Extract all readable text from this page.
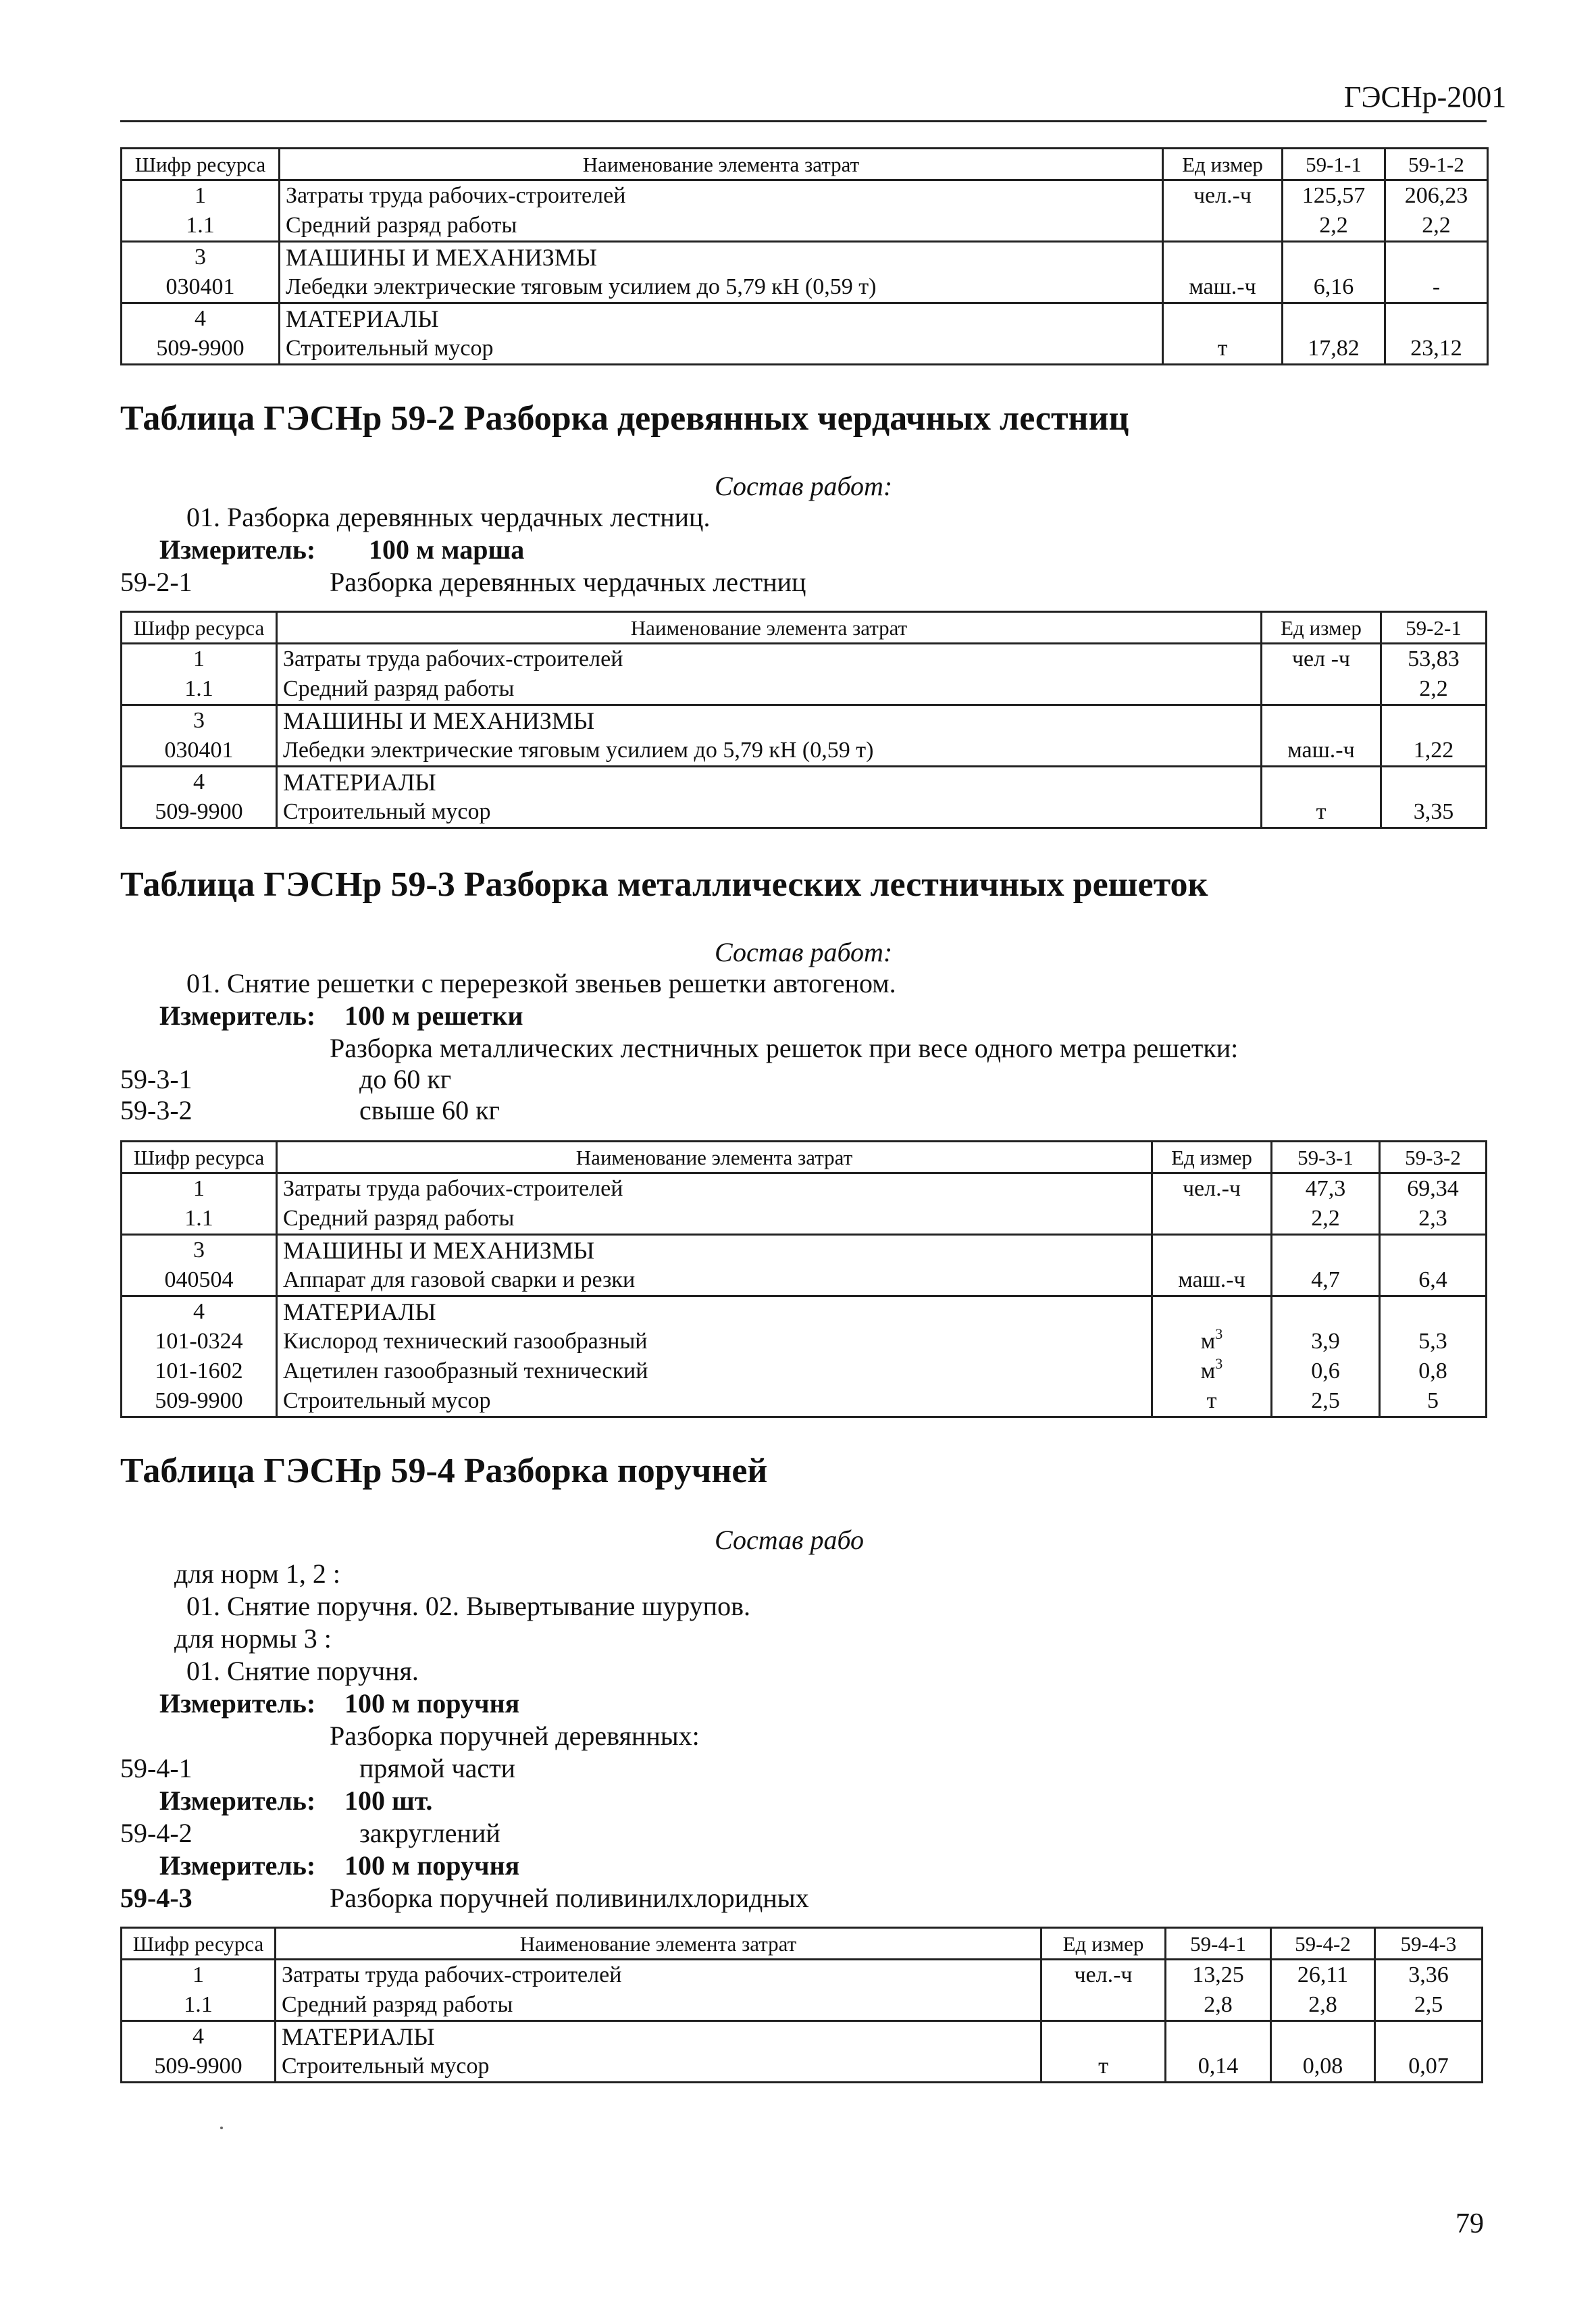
ГЭСНр-2001
Шифр ресурса	Наименование элемента затрат	Ед измер	59-1-1	59-1-2
1	Затраты труда рабочих-строителей	чел.-ч	125,57	206,23
1.1	Средний разряд работы		2,2	2,2
3	МАШИНЫ И МЕХАНИЗМЫ			
030401	Лебедки электрические тяговым усилием до 5,79 кН (0,59 т)	маш.-ч	6,16	-
4	МАТЕРИАЛЫ			
509-9900	Строительный мусор	т	17,82	23,12
Таблица ГЭСНр 59-2 Разборка деревянных чердачных лестниц
Состав работ:
01. Разборка деревянных чердачных лестниц.
Измеритель: 100 м марша
59-2-1	Разборка деревянных чердачных лестниц
Шифр ресурса	Наименование элемента затрат	Ед измер	59-2-1
1	Затраты труда рабочих-строителей	чел -ч	53,83
1.1	Средний разряд работы		2,2
3	МАШИНЫ И МЕХАНИЗМЫ		
030401	Лебедки электрические тяговым усилием до 5,79 кН (0,59 т)	маш.-ч	1,22
4	МАТЕРИАЛЫ		
509-9900	Строительный мусор	т	3,35
Таблица ГЭСНр 59-3 Разборка металлических лестничных решеток
Состав работ:
01. Снятие решетки с перерезкой звеньев решетки автогеном.
Измеритель: 100 м решетки
Разборка металлических лестничных решеток при весе одного метра решетки:
59-3-1	до 60 кг
59-3-2	свыше 60 кг
Шифр ресурса	Наименование элемента затрат	Ед измер	59-3-1	59-3-2
1	Затраты труда рабочих-строителей	чел.-ч	47,3	69,34
1.1	Средний разряд работы		2,2	2,3
3	МАШИНЫ И МЕХАНИЗМЫ			
040504	Аппарат для газовой сварки и резки	маш.-ч	4,7	6,4
4	МАТЕРИАЛЫ			
101-0324	Кислород технический газообразный	$м^3$	3,9	5,3
101-1602	Ацетилен газообразный технический	$м^3$	0,6	0,8
509-9900	Строительный мусор	т	2,5	5
Таблица ГЭСНр 59-4 Разборка поручней
Состав рабо
для норм 1, 2 :
01. Снятие поручня. 02. Вывертывание шурупов.
для нормы 3 :
01. Снятие поручня.
Измеритель: 100 м поручня
Разборка поручней деревянных:
59-4-1	прямой части
Измеритель: 100 шт.
59-4-2	закруглений
Измеритель: 100 м поручня
59-4-3	Разборка поручней поливинилхлоридных
Шифр ресурса	Наименование элемента затрат	Ед измер	59-4-1	59-4-2	59-4-3
1	Затраты труда рабочих-строителей	чел.-ч	13,25	26,11	3,36
1.1	Средний разряд работы		2,8	2,8	2,5
4	МАТЕРИАЛЫ				
509-9900	Строительный мусор	т	0,14	0,08	0,07
79
